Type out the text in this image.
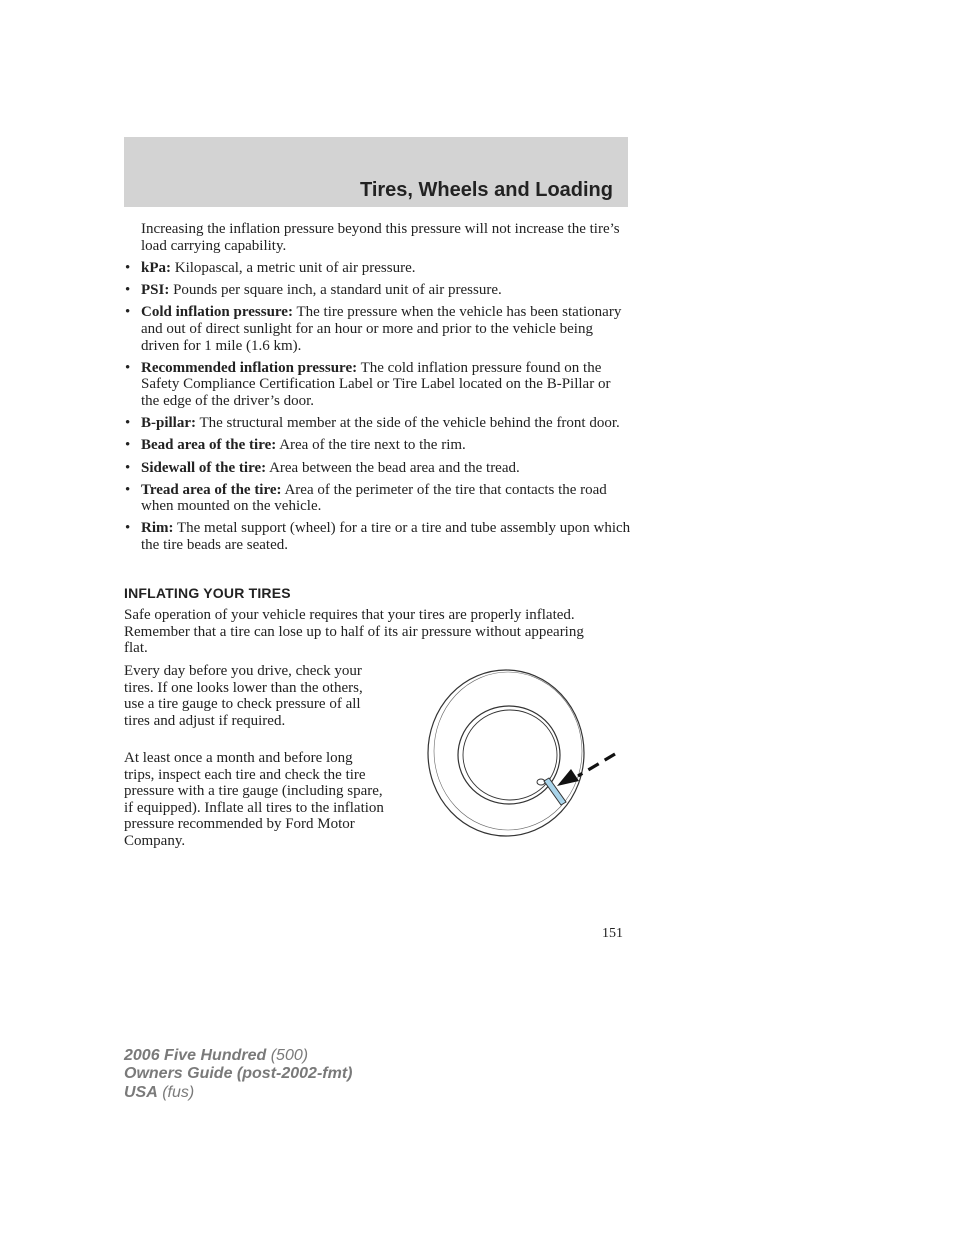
Tires, Wheels and Loading
Increasing the inflation pressure beyond this pressure will not increase the tire’s load carrying capability.
• kPa: Kilopascal, a metric unit of air pressure.
• PSI: Pounds per square inch, a standard unit of air pressure.
• Cold inflation pressure: The tire pressure when the vehicle has been stationary and out of direct sunlight for an hour or more and prior to the vehicle being driven for 1 mile (1.6 km).
• Recommended inflation pressure: The cold inflation pressure found on the Safety Compliance Certification Label or Tire Label located on the B-Pillar or the edge of the driver’s door.
• B-pillar: The structural member at the side of the vehicle behind the front door.
• Bead area of the tire: Area of the tire next to the rim.
• Sidewall of the tire: Area between the bead area and the tread.
• Tread area of the tire: Area of the perimeter of the tire that contacts the road when mounted on the vehicle.
• Rim: The metal support (wheel) for a tire or a tire and tube assembly upon which the tire beads are seated.
INFLATING YOUR TIRES
Safe operation of your vehicle requires that your tires are properly inflated. Remember that a tire can lose up to half of its air pressure without appearing flat.
Every day before you drive, check your tires. If one looks lower than the others, use a tire gauge to check pressure of all tires and adjust if required.
At least once a month and before long trips, inspect each tire and check the tire pressure with a tire gauge (including spare, if equipped). Inflate all tires to the inflation pressure recommended by Ford Motor Company.
151
2006 Five Hundred (500)
Owners Guide (post-2002-fmt)
USA (fus)
